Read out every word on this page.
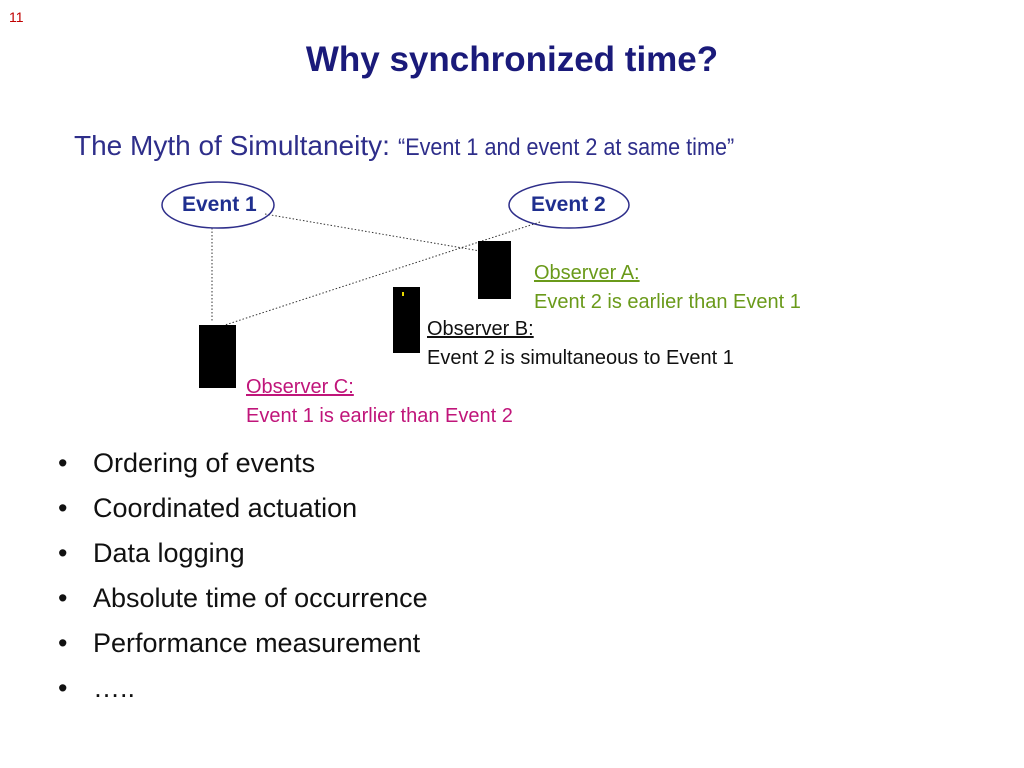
11
Why synchronized time?
The Myth of Simultaneity: “Event 1 and event 2 at same time”
Event 1	Event 2
Observer A:
Event 2 is earlier than Event 1
Observer B:
Event 2 is simultaneous to Event 1
Observer C:
Event 1 is earlier than Event 2
• Ordering of events
• Coordinated actuation
• Data logging
• Absolute time of occurrence
• Performance measurement
• …..
